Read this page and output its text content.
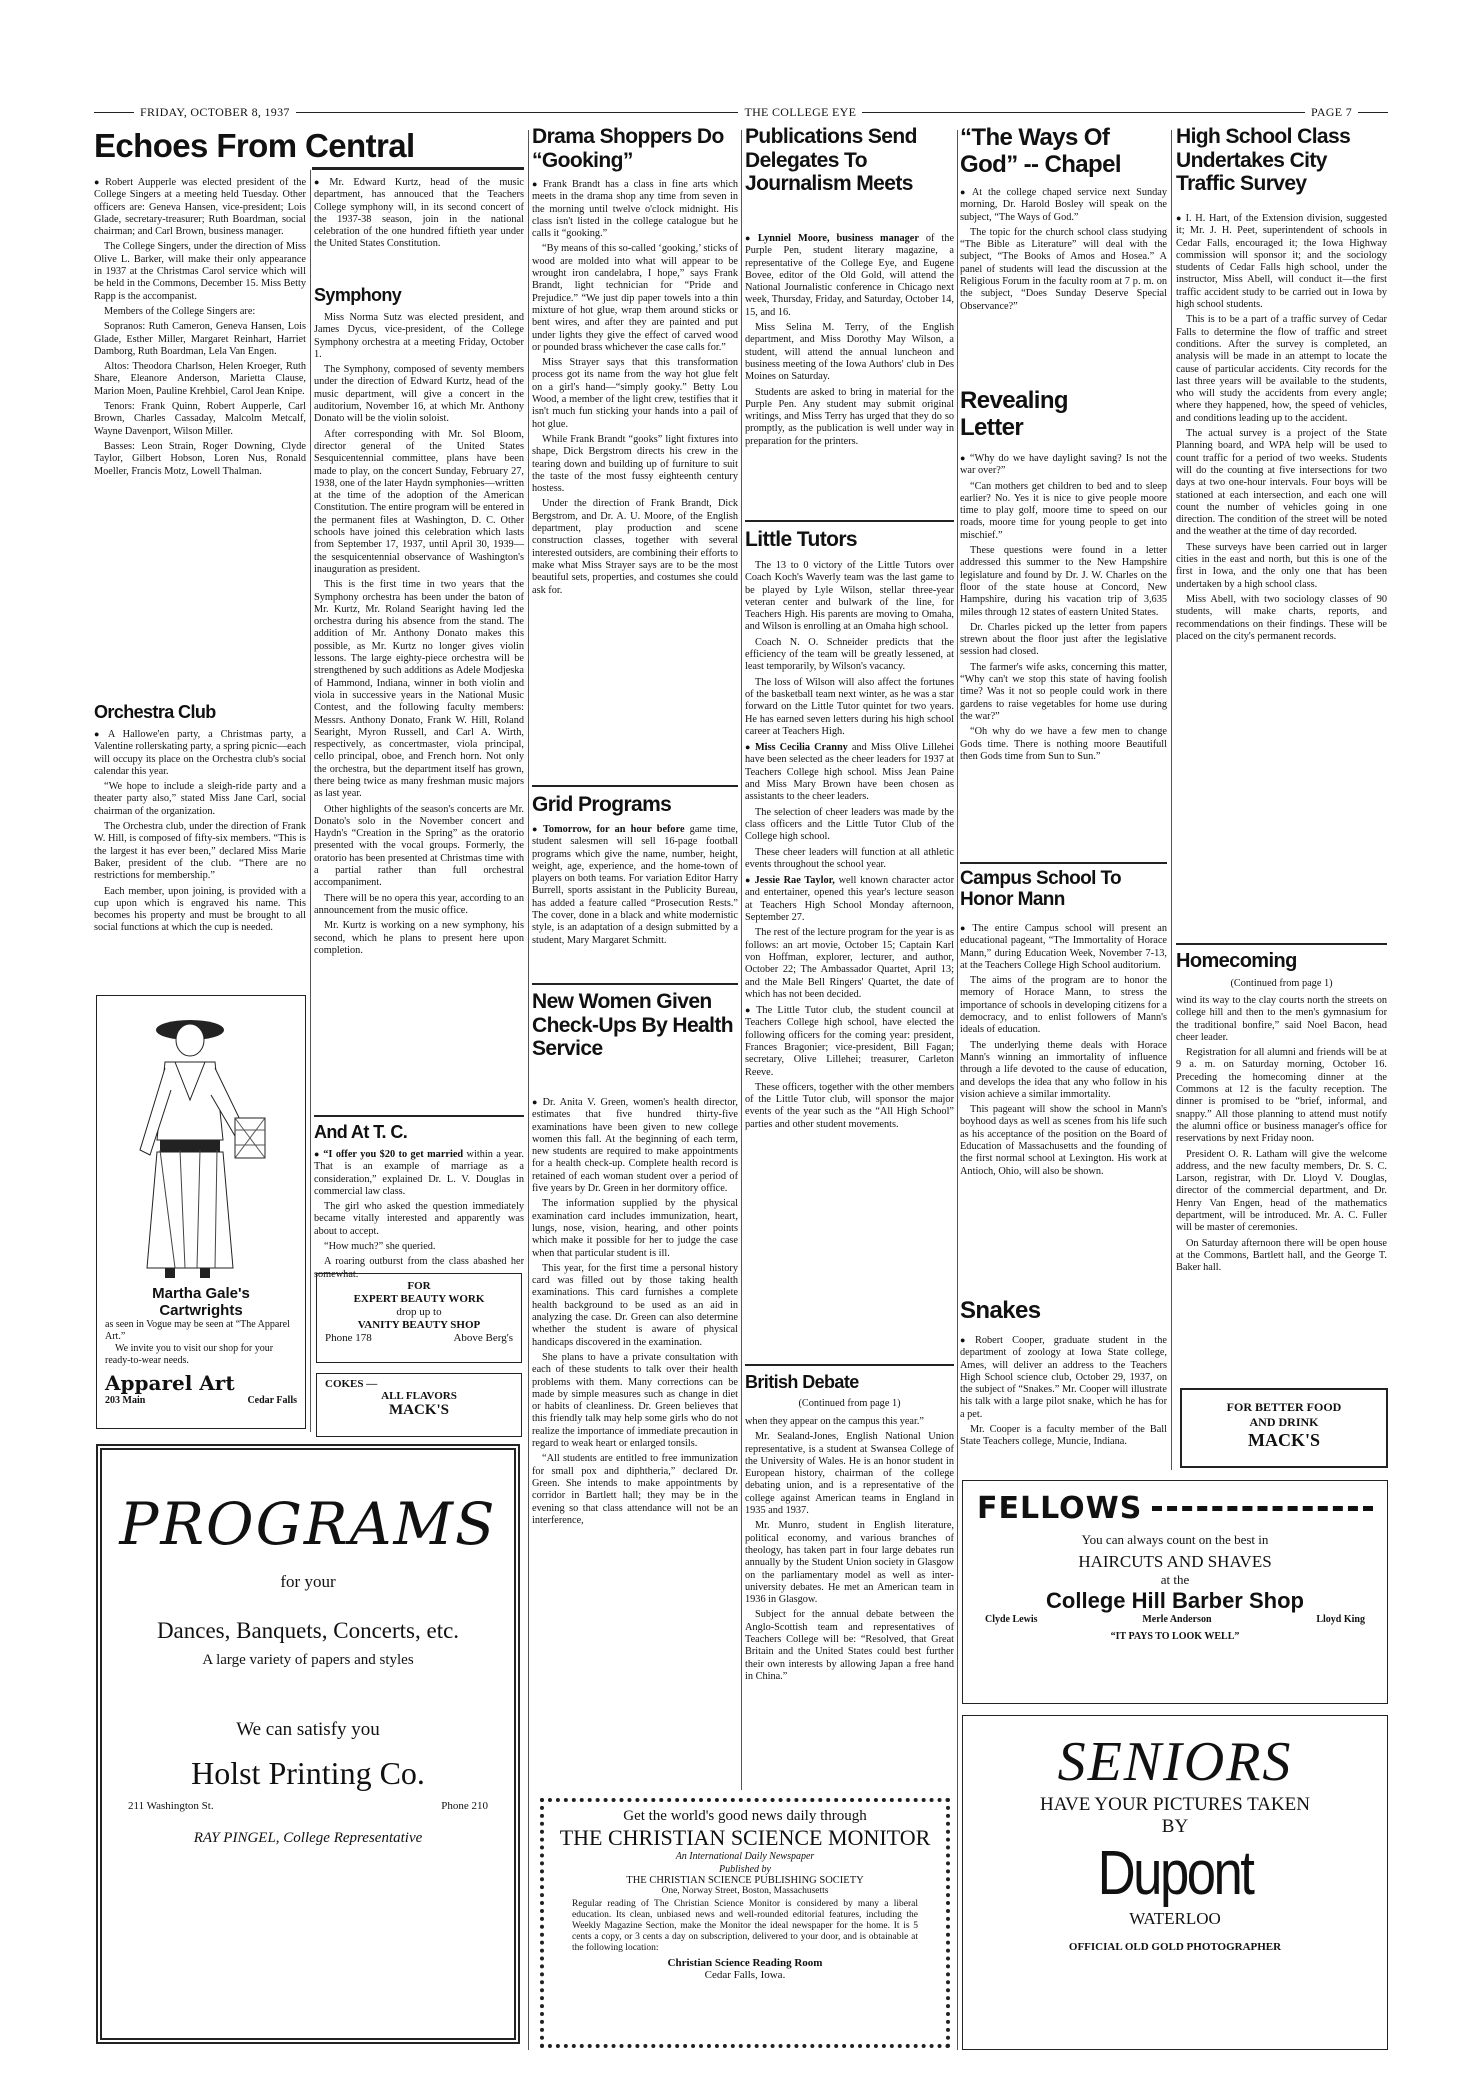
FRIDAY, OCTOBER 8, 1937	THE COLLEGE EYE	PAGE 7
Echoes From Central

● Robert Aupperle was elected president of the College Singers at a meeting held Tuesday. Other officers are: Geneva Hansen, vice-president; Lois Glade, secretary-treasurer; Ruth Boardman, social chairman; and Carl Brown, business manager.

The College Singers, under the direction of Miss Olive L. Barker, will make their only appearance in 1937 at the Christmas Carol service which will be held in the Commons, December 15. Miss Betty Rapp is the accompanist.

Members of the College Singers are:

Sopranos: Ruth Cameron, Geneva Hansen, Lois Glade, Esther Miller, Margaret Reinhart, Harriet Damborg, Ruth Boardman, Lela Van Engen.

Altos: Theodora Charlson, Helen Kroeger, Ruth Share, Eleanore Anderson, Marietta Clause, Marion Moen, Pauline Krehbiel, Carol Jean Knipe.

Tenors: Frank Quinn, Robert Aupperle, Carl Brown, Charles Cassaday, Malcolm Metcalf, Wayne Davenport, Wilson Miller.

Basses: Leon Strain, Roger Downing, Clyde Taylor, Gilbert Hobson, Loren Nus, Ronald Moeller, Francis Motz, Lowell Thalman.

Orchestra Club

● A Hallowe'en party, a Christmas party, a Valentine rollerskating party, a spring picnic—each will occupy its place on the Orchestra club's social calendar this year.

“We hope to include a sleigh-ride party and a theater party also,” stated Miss Jane Carl, social chairman of the organization.

The Orchestra club, under the direction of Frank W. Hill, is composed of fifty-six members. “This is the largest it has ever been,” declared Miss Marie Baker, president of the club. “There are no restrictions for membership.”

Each member, upon joining, is provided with a cup upon which is engraved his name. This becomes his property and must be brought to all social functions at which the cup is needed.

Martha Gale's
Cartwrights
as seen in Vogue may be seen at “The Apparel Art.”
We invite you to visit our shop for your ready-to-wear needs.
Apparel Art
203 Main	Cedar Falls
PROGRAMS
for your
Dances, Banquets, Concerts, etc.
A large variety of papers and styles
We can satisfy you
Holst Printing Co.
211 Washington St.	Phone 210
RAY PINGEL, College Representative

● Mr. Edward Kurtz, head of the music department, has annouced that the Teachers College symphony will, in its second concert of the 1937-38 season, join in the national celebration of the one hundred fiftieth year under the United States Constitution.

Symphony

Miss Norma Sutz was elected president, and James Dycus, vice-president, of the College Symphony orchestra at a meeting Friday, October 1.

The Symphony, composed of seventy members under the direction of Edward Kurtz, head of the music department, will give a concert in the auditorium, November 16, at which Mr. Anthony Donato will be the violin soloist.

After corresponding with Mr. Sol Bloom, director general of the United States Sesquicentennial committee, plans have been made to play, on the concert Sunday, February 27, 1938, one of the later Haydn symphonies—written at the time of the adoption of the American Constitution. The entire program will be entered in the permanent files at Washington, D. C. Other schools have joined this celebration which lasts from September 17, 1937, until April 30, 1939—the sesquicentennial observance of Washington's inauguration as president.

This is the first time in two years that the Symphony orchestra has been under the baton of Mr. Kurtz, Mr. Roland Searight having led the orchestra during his absence from the stand. The addition of Mr. Anthony Donato makes this possible, as Mr. Kurtz no longer gives violin lessons. The large eighty-piece orchestra will be strengthened by such additions as Adele Modjeska of Hammond, Indiana, winner in both violin and viola in successive years in the National Music Contest, and the following faculty members: Messrs. Anthony Donato, Frank W. Hill, Roland Searight, Myron Russell, and Carl A. Wirth, respectively, as concertmaster, viola principal, cello principal, oboe, and French horn. Not only the orchestra, but the department itself has grown, there being twice as many freshman music majors as last year.

Other highlights of the season's concerts are Mr. Donato's solo in the November concert and Haydn's “Creation in the Spring” as the oratorio presented with the vocal groups. Formerly, the oratorio has been presented at Christmas time with a partial rather than full orchestral accompaniment.

There will be no opera this year, according to an announcement from the music office.

Mr. Kurtz is working on a new symphony, his second, which he plans to present here upon completion.

And At T. C.

● “I offer you $20 to get married within a year. That is an example of marriage as a consideration,” explained Dr. L. V. Douglas in commercial law class.

The girl who asked the question immediately became vitally interested and apparently was about to accept.

“How much?” she queried.

A roaring outburst from the class abashed her somewhat.

FOR
EXPERT BEAUTY WORK
drop up to
VANITY BEAUTY SHOP
Phone 178	Above Berg's
COKES —
ALL FLAVORS
MACK'S
Drama Shoppers Do “Gooking”

● Frank Brandt has a class in fine arts which meets in the drama shop any time from seven in the morning until twelve o'clock midnight. His class isn't listed in the college catalogue but he calls it “gooking.”

“By means of this so-called ‘gooking,’ sticks of wood are molded into what will appear to be wrought iron candelabra, I hope,” says Frank Brandt, light technician for “Pride and Prejudice.” “We just dip paper towels into a thin mixture of hot glue, wrap them around sticks or bent wires, and after they are painted and put under lights they give the effect of carved wood or pounded brass whichever the case calls for.”

Miss Strayer says that this transformation process got its name from the way hot glue felt on a girl's hand—“simply gooky.” Betty Lou Wood, a member of the light crew, testifies that it isn't much fun sticking your hands into a pail of hot glue.

While Frank Brandt “gooks” light fixtures into shape, Dick Bergstrom directs his crew in the tearing down and building up of furniture to suit the taste of the most fussy eighteenth century hostess.

Under the direction of Frank Brandt, Dick Bergstrom, and Dr. A. U. Moore, of the English department, play production and scene construction classes, together with several interested outsiders, are combining their efforts to make what Miss Strayer says are to be the most beautiful sets, properties, and costumes she could ask for.

Grid Programs

● Tomorrow, for an hour before game time, student salesmen will sell 16-page football programs which give the name, number, height, weight, age, experience, and the home-town of players on both teams. For variation Editor Harry Burrell, sports assistant in the Publicity Bureau, has added a feature called “Prosecution Rests.” The cover, done in a black and white modernistic style, is an adaptation of a design submitted by a student, Mary Margaret Schmitt.

New Women Given Check-Ups By Health Service

● Dr. Anita V. Green, women's health director, estimates that five hundred thirty-five examinations have been given to new college women this fall. At the beginning of each term, new students are required to make appointments for a health check-up. Complete health record is retained of each woman student over a period of five years by Dr. Green in her dormitory office.

The information supplied by the physical examination card includes immunization, heart, lungs, nose, vision, hearing, and other points which make it possible for her to judge the case when that particular student is ill.

This year, for the first time a personal history card was filled out by those taking health examinations. This card furnishes a complete health background to be used as an aid in analyzing the case. Dr. Green can also determine whether the student is aware of physical handicaps discovered in the examination.

She plans to have a private consultation with each of these students to talk over their health problems with them. Many corrections can be made by simple measures such as change in diet or habits of cleanliness. Dr. Green believes that this friendly talk may help some girls who do not realize the importance of immediate precaution in regard to weak heart or enlarged tonsils.

“All students are entitled to free immunization for small pox and diphtheria,” declared Dr. Green. She intends to make appointments by corridor in Bartlett hall; they may be in the evening so that class attendance will not be an interference,

Publications Send Delegates To Journalism Meets

● Lynniel Moore, business manager of the Purple Pen, student literary magazine, a representative of the College Eye, and Eugene Bovee, editor of the Old Gold, will attend the National Journalistic conference in Chicago next week, Thursday, Friday, and Saturday, October 14, 15, and 16.

Miss Selina M. Terry, of the English department, and Miss Dorothy May Wilson, a student, will attend the annual luncheon and business meeting of the Iowa Authors' club in Des Moines on Saturday.

Students are asked to bring in material for the Purple Pen. Any student may submit original writings, and Miss Terry has urged that they do so promptly, as the publication is well under way in preparation for the printers.

Little Tutors

The 13 to 0 victory of the Little Tutors over Coach Koch's Waverly team was the last game to be played by Lyle Wilson, stellar three-year veteran center and bulwark of the line, for Teachers High. His parents are moving to Omaha, and Wilson is enrolling at an Omaha high school.

Coach N. O. Schneider predicts that the efficiency of the team will be greatly lessened, at least temporarily, by Wilson's vacancy.

The loss of Wilson will also affect the fortunes of the basketball team next winter, as he was a star forward on the Little Tutor quintet for two years. He has earned seven letters during his high school career at Teachers High.

● Miss Cecilia Cranny and Miss Olive Lillehei have been selected as the cheer leaders for 1937 at Teachers College high school. Miss Jean Paine and Miss Mary Brown have been chosen as assistants to the cheer leaders.

The selection of cheer leaders was made by the class officers and the Little Tutor Club of the College high school.

These cheer leaders will function at all athletic events throughout the school year.

● Jessie Rae Taylor, well known character actor and entertainer, opened this year's lecture season at Teachers High School Monday afternoon, September 27.

The rest of the lecture program for the year is as follows: an art movie, October 15; Captain Karl von Hoffman, explorer, lecturer, and author, October 22; The Ambassador Quartet, April 13; and the Male Bell Ringers' Quartet, the date of which has not been decided.

● The Little Tutor club, the student council at Teachers College high school, have elected the following officers for the coming year: president, Frances Bragonier; vice-president, Bill Fagan; secretary, Olive Lillehei; treasurer, Carleton Reeve.

These officers, together with the other members of the Little Tutor club, will sponsor the major events of the year such as the “All High School” parties and other student movements.

British Debate
(Continued from page 1)

when they appear on the campus this year.”

Mr. Sealand-Jones, English National Union representative, is a student at Swansea College of the University of Wales. He is an honor student in European history, chairman of the college debating union, and is a representative of the college against American teams in England in 1935 and 1937.

Mr. Munro, student in English literature, political economy, and various branches of theology, has taken part in four large debates run annually by the Student Union society in Glasgow on the parliamentary model as well as inter-university debates. He met an American team in 1936 in Glasgow.

Subject for the annual debate between the Anglo-Scottish team and representatives of Teachers College will be: “Resolved, that Great Britain and the United States could best further their own interests by allowing Japan a free hand in China.”

Get the world's good news daily through
THE CHRISTIAN SCIENCE MONITOR
An International Daily Newspaper
Published by
THE CHRISTIAN SCIENCE PUBLISHING SOCIETY
One, Norway Street, Boston, Massachusetts
Regular reading of The Christian Science Monitor is considered by many a liberal education. Its clean, unbiased news and well-rounded editorial features, including the Weekly Magazine Section, make the Monitor the ideal newspaper for the home. It is 5 cents a copy, or 3 cents a day on subscription, delivered to your door, and is obtainable at the following location:
Christian Science Reading Room
Cedar Falls, Iowa.
“The Ways Of God” -- Chapel

● At the college chaped service next Sunday morning, Dr. Harold Bosley will speak on the subject, “The Ways of God.”

The topic for the church school class studying “The Bible as Literature” will deal with the subject, “The Books of Amos and Hosea.” A panel of students will lead the discussion at the Religious Forum in the faculty room at 7 p. m. on the subject, “Does Sunday Deserve Special Observance?”

Revealing Letter

● “Why do we have daylight saving? Is not the war over?”

“Can mothers get children to bed and to sleep earlier? No. Yes it is nice to give people moore time to play golf, moore time to speed on our roads, moore time for young people to get into mischief.”

These questions were found in a letter addressed this summer to the New Hampshire legislature and found by Dr. J. W. Charles on the floor of the state house at Concord, New Hampshire, during his vacation trip of 3,635 miles through 12 states of eastern United States.

Dr. Charles picked up the letter from papers strewn about the floor just after the legislative session had closed.

The farmer's wife asks, concerning this matter, “Why can't we stop this state of having foolish time? Was it not so people could work in there gardens to raise vegetables for home use during the war?”

“Oh why do we have a few men to change Gods time. There is nothing moore Beautifull then Gods time from Sun to Sun.”

Campus School To Honor Mann

● The entire Campus school will present an educational pageant, “The Immortality of Horace Mann,” during Education Week, November 7-13, at the Teachers College High School auditorium.

The aims of the program are to honor the memory of Horace Mann, to stress the importance of schools in developing citizens for a democracy, and to enlist followers of Mann's ideals of education.

The underlying theme deals with Horace Mann's winning an immortality of influence through a life devoted to the cause of education, and develops the idea that any who follow in his vision achieve a similar immortality.

This pageant will show the school in Mann's boyhood days as well as scenes from his life such as his acceptance of the position on the Board of Education of Massachusetts and the founding of the first normal school at Lexington. His work at Antioch, Ohio, will also be shown.

Snakes

● Robert Cooper, graduate student in the department of zoology at Iowa State college, Ames, will deliver an address to the Teachers High School science club, October 29, 1937, on the subject of “Snakes.” Mr. Cooper will illustrate his talk with a large pilot snake, which he has for a pet.

Mr. Cooper is a faculty member of the Ball State Teachers college, Muncie, Indiana.

High School Class Undertakes City Traffic Survey

● I. H. Hart, of the Extension division, suggested it; Mr. J. H. Peet, superintendent of schools in Cedar Falls, encouraged it; the Iowa Highway commission will sponsor it; and the sociology students of Cedar Falls high school, under the instructor, Miss Abell, will conduct it—the first traffic accident study to be carried out in Iowa by high school students.

This is to be a part of a traffic survey of Cedar Falls to determine the flow of traffic and street conditions. After the survey is completed, an analysis will be made in an attempt to locate the cause of particular accidents. City records for the last three years will be available to the students, who will study the accidents from every angle; where they happened, how, the speed of vehicles, and conditions leading up to the accident.

The actual survey is a project of the State Planning board, and WPA help will be used to count traffic for a period of two weeks. Students will do the counting at five intersections for two days at two one-hour intervals. Four boys will be stationed at each intersection, and each one will count the number of vehicles going in one direction. The condition of the street will be noted and the weather at the time of day recorded.

These surveys have been carried out in larger cities in the east and north, but this is one of the first in Iowa, and the only one that has been undertaken by a high school class.

Miss Abell, with two sociology classes of 90 students, will make charts, reports, and recommendations on their findings. These will be placed on the city's permanent records.

Homecoming
(Continued from page 1)

wind its way to the clay courts north the streets on college hill and then to the men's gymnasium for the traditional bonfire,” said Noel Bacon, head cheer leader.

Registration for all alumni and friends will be at 9 a. m. on Saturday morning, October 16. Preceding the homecoming dinner at the Commons at 12 is the faculty reception. The dinner is promised to be “brief, informal, and snappy.” All those planning to attend must notify the alumni office or business manager's office for reservations by next Friday noon.

President O. R. Latham will give the welcome address, and the new faculty members, Dr. S. C. Larson, registrar, with Dr. Lloyd V. Douglas, director of the commercial department, and Dr. Henry Van Engen, head of the mathematics department, will be introduced. Mr. A. C. Fuller will be master of ceremonies.

On Saturday afternoon there will be open house at the Commons, Bartlett hall, and the George T. Baker hall.

FOR BETTER FOOD
AND DRINK
MACK'S
FELLOWS
You can always count on the best in
HAIRCUTS AND SHAVES
at the
College Hill Barber Shop
Clyde Lewis	Merle Anderson	Lloyd King
“IT PAYS TO LOOK WELL”
SENIORS
HAVE YOUR PICTURES TAKEN
BY
Dupont
WATERLOO
OFFICIAL OLD GOLD PHOTOGRAPHER
